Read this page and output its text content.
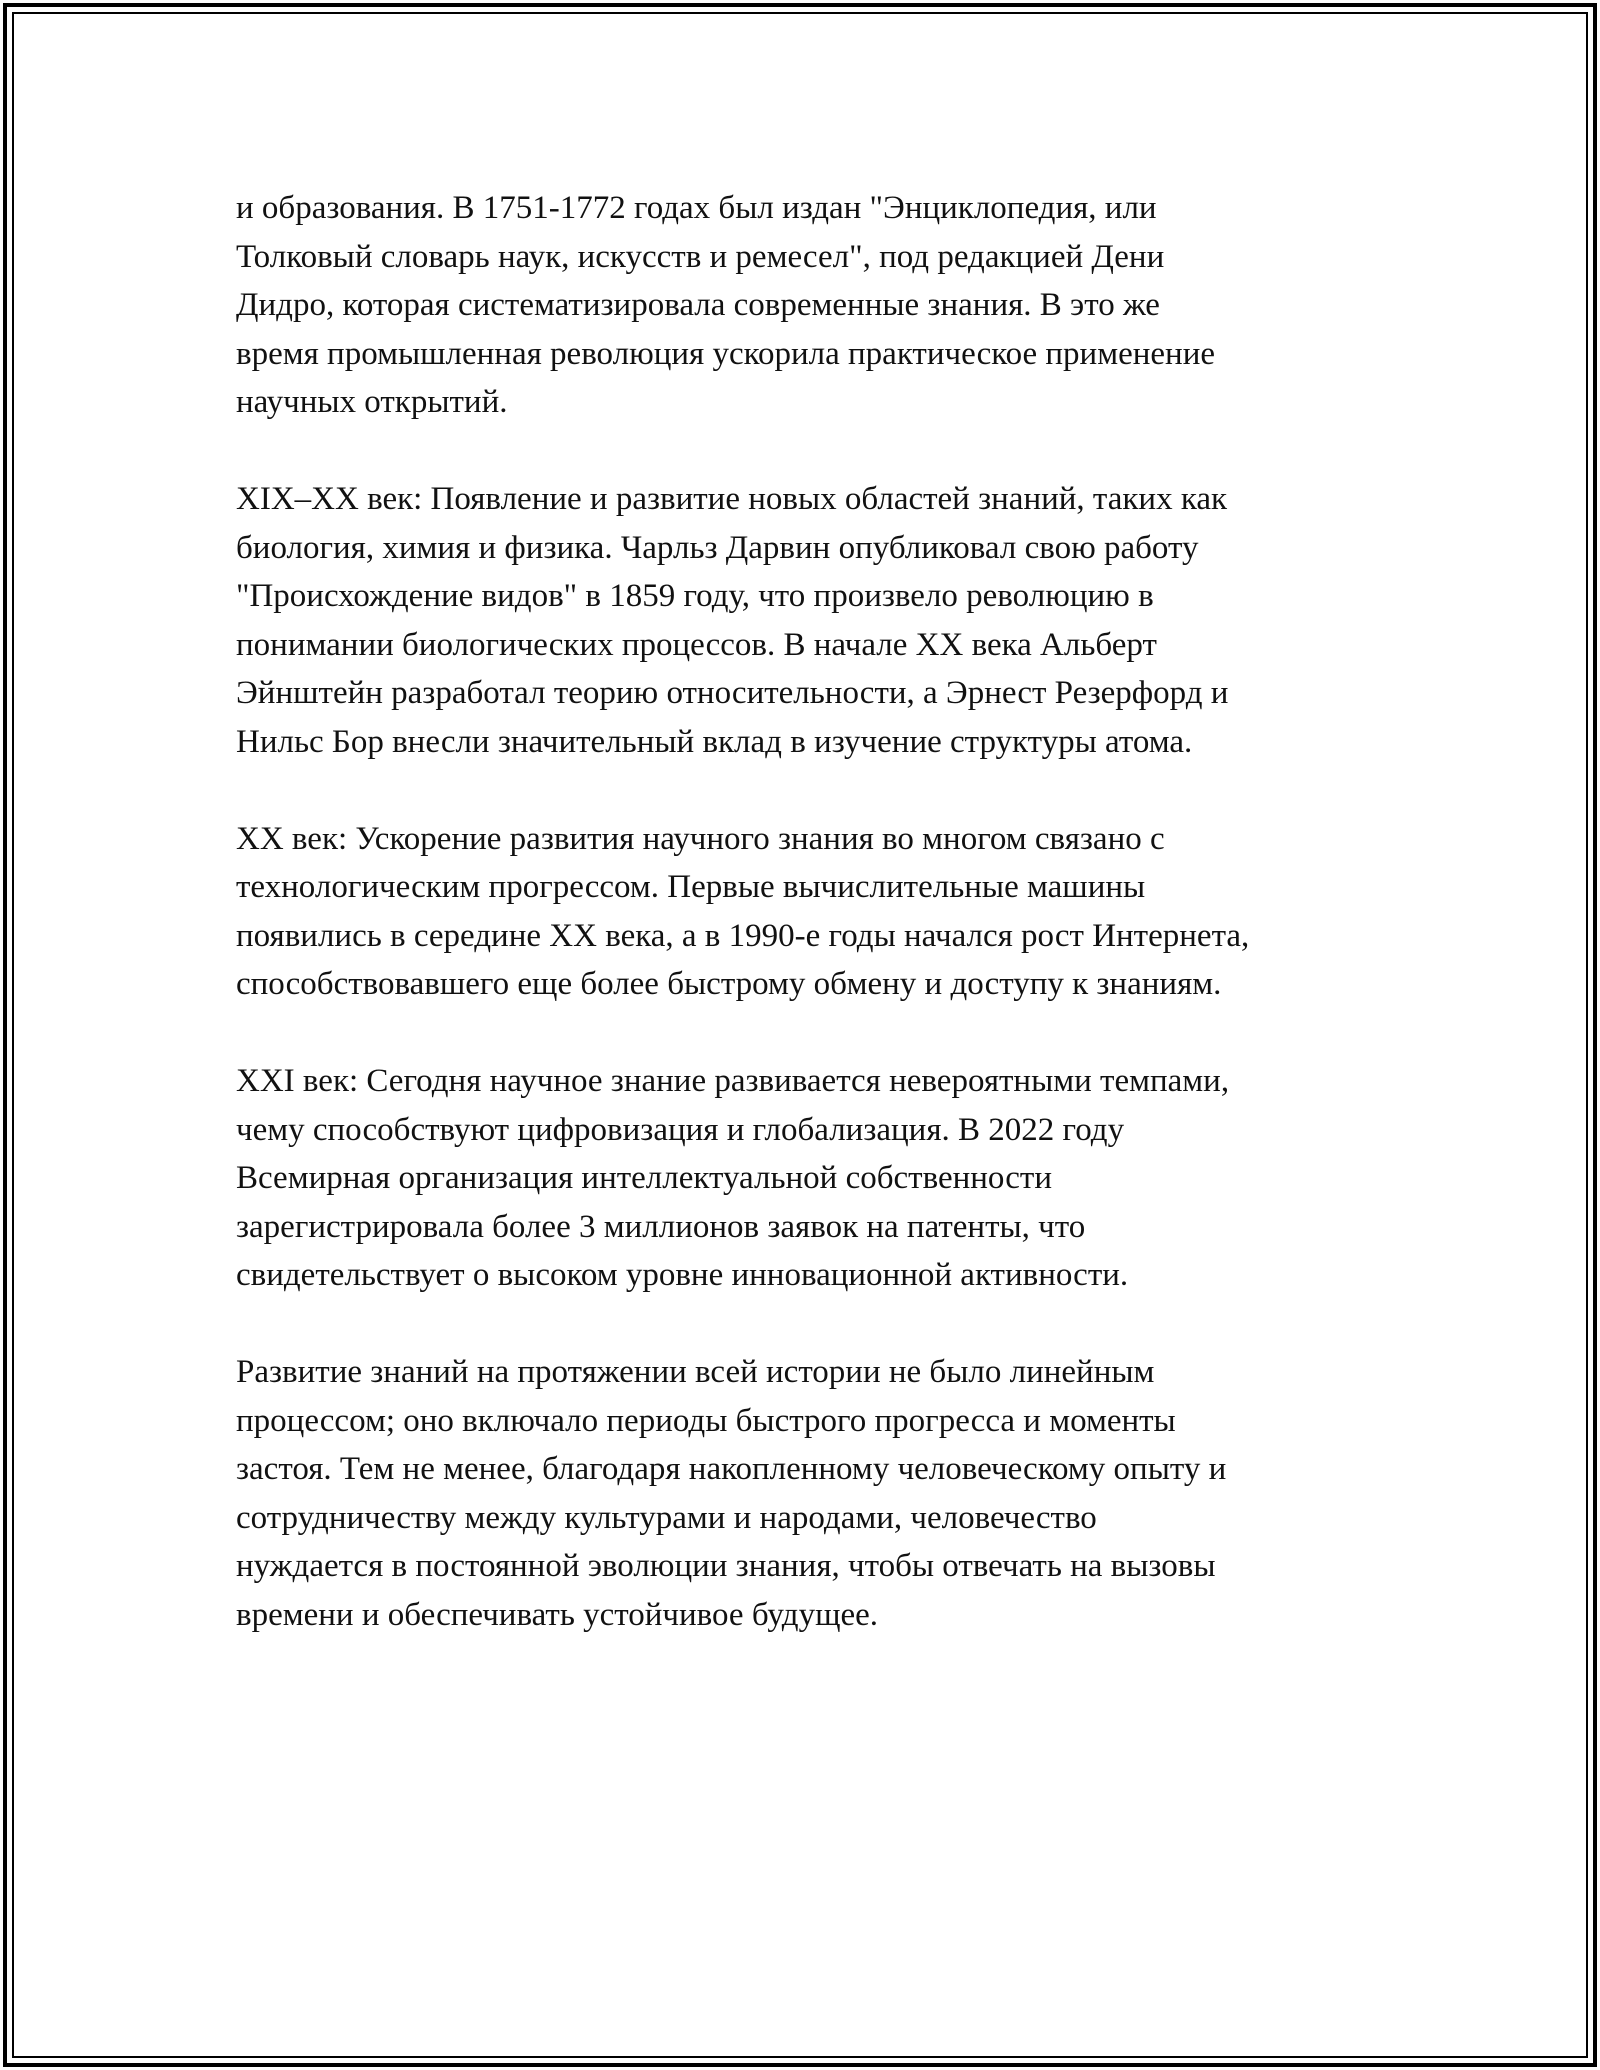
и образования. В 1751-1772 годах был издан "Энциклопедия, или
Толковый словарь наук, искусств и ремесел", под редакцией Дени
Дидро, которая систематизировала современные знания. В это же
время промышленная революция ускорила практическое применение
научных открытий.

XIX–XX век: Появление и развитие новых областей знаний, таких как
биология, химия и физика. Чарльз Дарвин опубликовал свою работу
"Происхождение видов" в 1859 году, что произвело революцию в
понимании биологических процессов. В начале XX века Альберт
Эйнштейн разработал теорию относительности, а Эрнест Резерфорд и
Нильс Бор внесли значительный вклад в изучение структуры атома.

XX век: Ускорение развития научного знания во многом связано с
технологическим прогрессом. Первые вычислительные машины
появились в середине XX века, а в 1990-е годы начался рост Интернета,
способствовавшего еще более быстрому обмену и доступу к знаниям.

XXI век: Сегодня научное знание развивается невероятными темпами,
чему способствуют цифровизация и глобализация. В 2022 году
Всемирная организация интеллектуальной собственности
зарегистрировала более 3 миллионов заявок на патенты, что
свидетельствует о высоком уровне инновационной активности.

Развитие знаний на протяжении всей истории не было линейным
процессом; оно включало периоды быстрого прогресса и моменты
застоя. Тем не менее, благодаря накопленному человеческому опыту и
сотрудничеству между культурами и народами, человечество
нуждается в постоянной эволюции знания, чтобы отвечать на вызовы
времени и обеспечивать устойчивое будущее.
